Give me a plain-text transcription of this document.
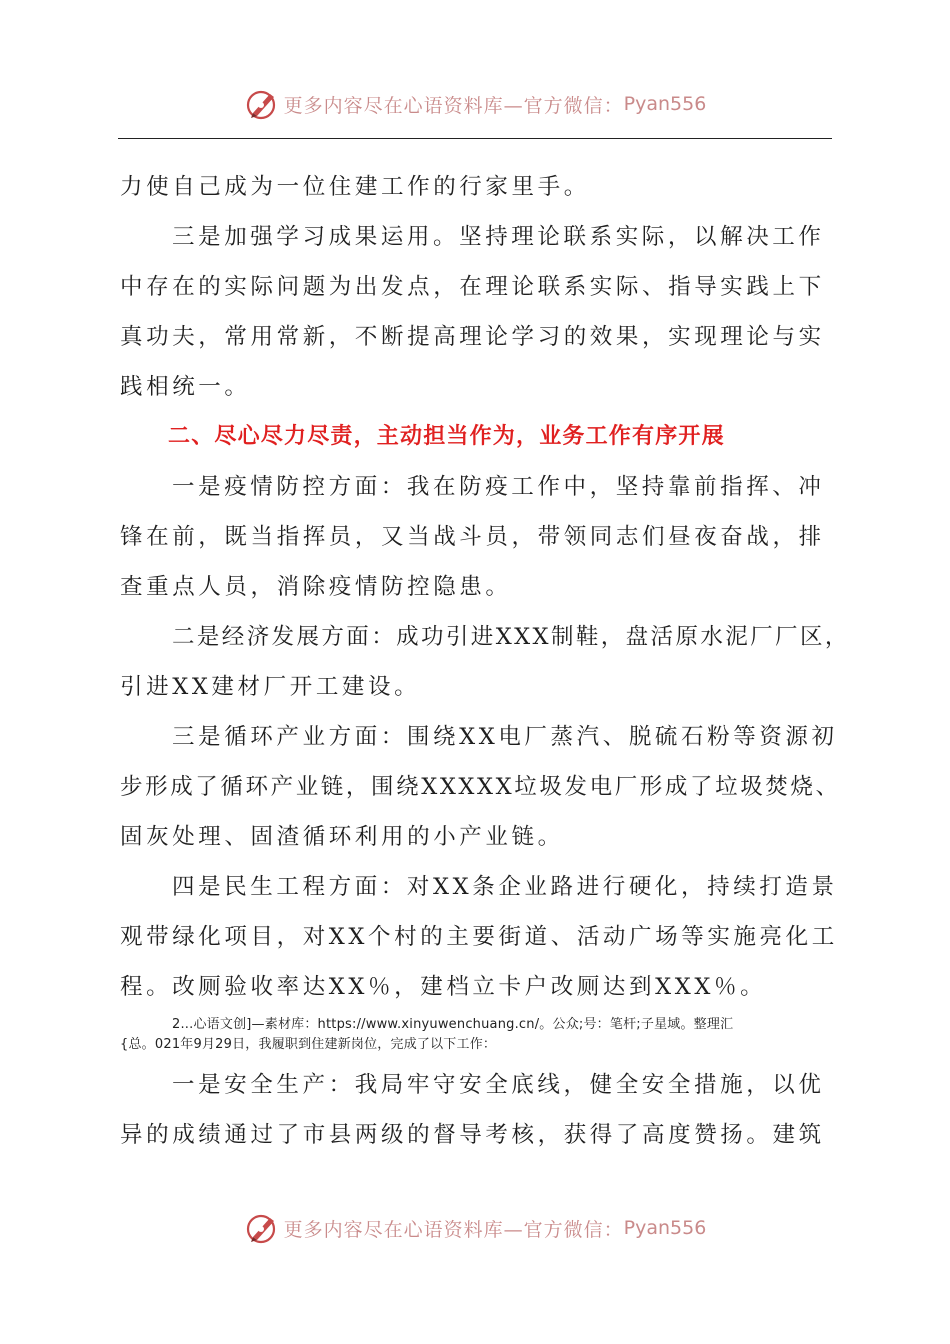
更多内容尽在心语资料库—官方微信： Pyan556
力使自己成为一位住建工作的行家里手。
三是加强学习成果运用。坚持理论联系实际，以解决工作
中存在的实际问题为出发点，在理论联系实际、指导实践上下
真功夫，常用常新，不断提高理论学习的效果，实现理论与实
践相统一。
二、尽心尽力尽责，主动担当作为，业务工作有序开展
一是疫情防控方面：我在防疫工作中，坚持靠前指挥、冲
锋在前，既当指挥员，又当战斗员，带领同志们昼夜奋战，排
查重点人员，消除疫情防控隐患。
二是经济发展方面：成功引进XXX制鞋，盘活原水泥厂厂区，
引进XX建材厂开工建设。
三是循环产业方面：围绕XX电厂蒸汽、脱硫石粉等资源初
步形成了循环产业链，围绕XXXXX垃圾发电厂形成了垃圾焚烧、
固灰处理、固渣循环利用的小产业链。
四是民生工程方面：对XX条企业路进行硬化，持续打造景
观带绿化项目，对XX个村的主要街道、活动广场等实施亮化工
程。改厕验收率达XX％，建档立卡户改厕达到XXX％。
2...心语文创]—素材库：https://www.xinyuwenchuang.cn/。公众;号：笔杆;子星域。整理汇
{总。021年9月29日，我履职到住建新岗位，完成了以下工作：
一是安全生产：我局牢守安全底线，健全安全措施，以优
异的成绩通过了市县两级的督导考核，获得了高度赞扬。建筑
更多内容尽在心语资料库—官方微信： Pyan556
